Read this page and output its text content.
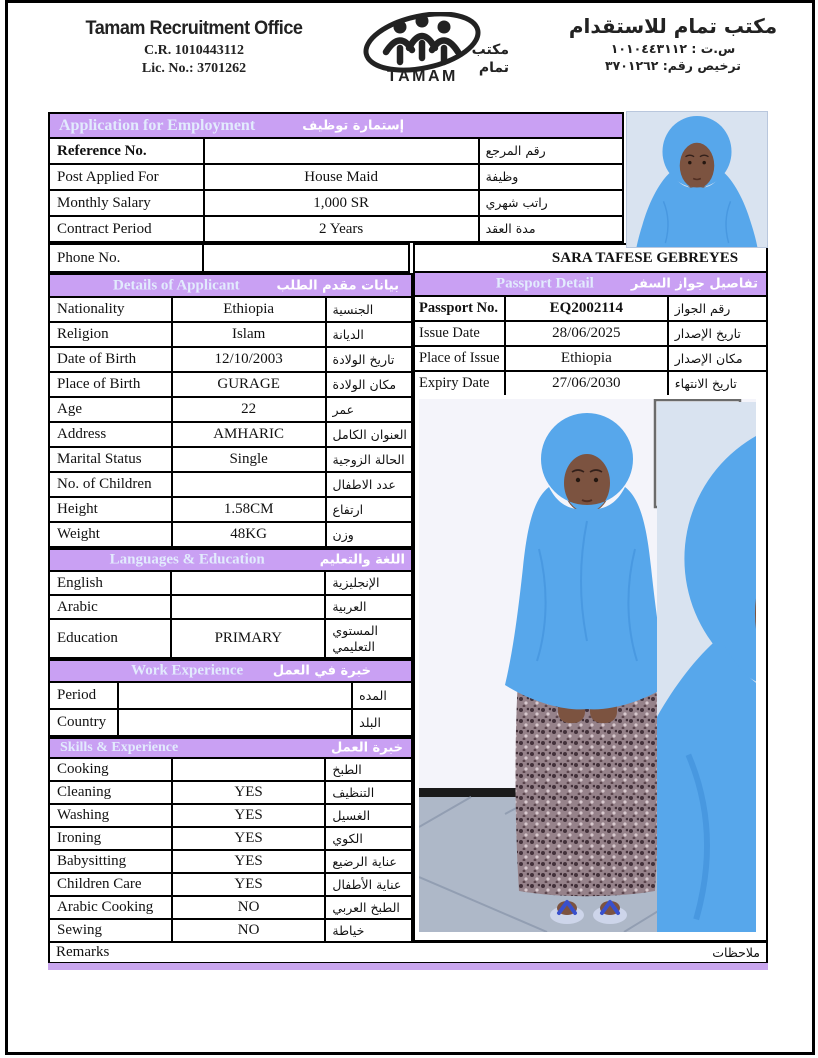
Tamam Recruitment Office
C.R. 1010443112
Lic. No.: 3701262
مكتب
تمام
TAMAM
مكتب تمام للاستقدام
س.ت : ١٠١٠٤٤٣١١٢
ترخيص رقم: ٣٧٠١٢٦٢
Application for Employment	إستمارة توظيف
Reference No.		رقم المرجع
Post Applied For	House Maid	وظيفة
Monthly Salary	1,000 SR	راتب شهري
Contract Period	2 Years	مدة العقد
Phone No.		SARA TAFESE GEBREYES
Details of Applicant	بيانات مقدم الطلب
Nationality	Ethiopia	الجنسية
Religion	Islam	الديانة
Date of Birth	12/10/2003	تاريخ الولادة
Place of Birth	GURAGE	مكان الولادة
Age	22	عمر
Address	AMHARIC	العنوان الكامل
Marital Status	Single	الحالة الزوجية
No. of Children		عدد الاطفال
Height	1.58CM	ارتفاع
Weight	48KG	وزن
Languages & Education	اللغة والتعليم
English		الإنجليزية
Arabic		العربية
Education	PRIMARY	المستوي التعليمي
Work Experience خبرة في العمل
Period		المده
Country		البلد
Skills & Experience	خبرة العمل
Cooking		الطبخ
Cleaning	YES	التنظيف
Washing	YES	الغسيل
Ironing	YES	الكوي
Babysitting	YES	عناية الرضيع
Children Care	YES	عناية الأطفال
Arabic Cooking	NO	الطبخ العربي
Sewing	NO	خياطة
Passport Detail	تفاصيل جواز السفر
Passport No.	EQ2002114	رقم الجواز
Issue Date	28/06/2025	تاريخ الإصدار
Place of Issue	Ethiopia	مكان الإصدار
Expiry Date	27/06/2030	تاريخ الانتهاء
Remarks	ملاحظات
